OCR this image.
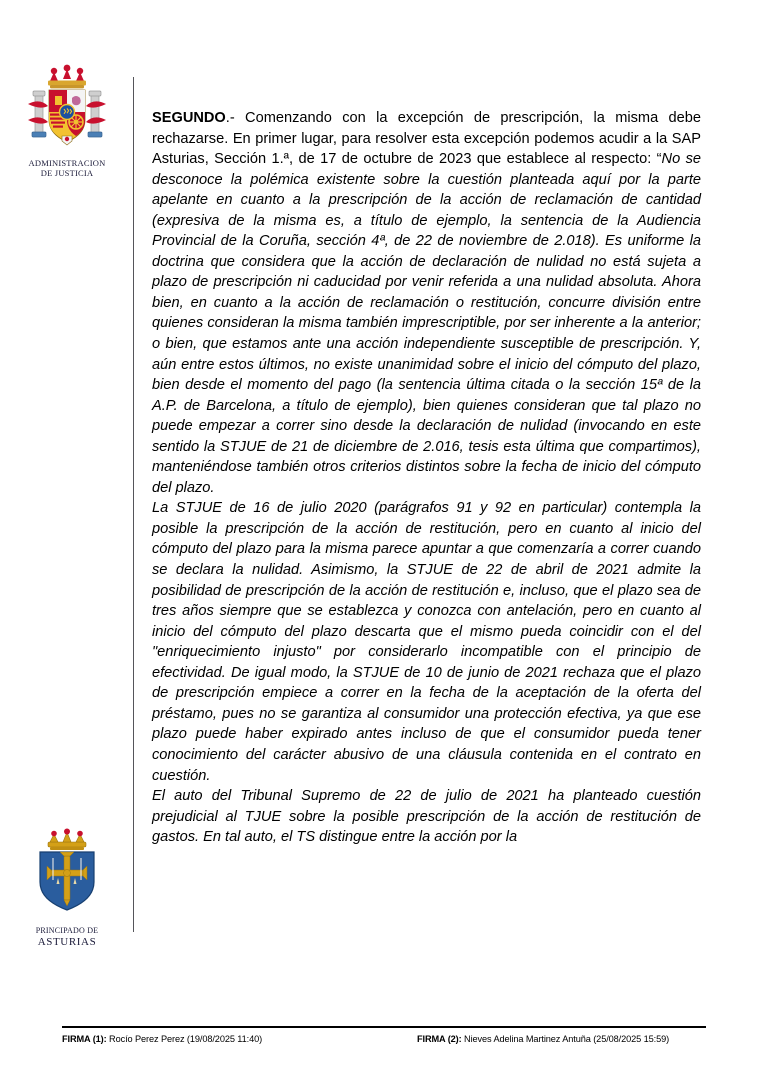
ADMINISTRACION
DE JUSTICIA
PRINCIPADO DE
ASTURIAS

SEGUNDO.- Comenzando con la excepción de prescripción, la misma debe rechazarse. En primer lugar, para resolver esta excepción podemos acudir a la SAP Asturias, Sección 1.ª, de 17 de octubre de 2023 que establece al respecto: “No se desconoce la polémica existente sobre la cuestión planteada aquí por la parte apelante en cuanto a la prescripción de la acción de reclamación de cantidad (expresiva de la misma es, a título de ejemplo, la sentencia de la Audiencia Provincial de la Coruña, sección 4ª, de 22 de noviembre de 2.018). Es uniforme la doctrina que considera que la acción de declaración de nulidad no está sujeta a plazo de prescripción ni caducidad por venir referida a una nulidad absoluta. Ahora bien, en cuanto a la acción de reclamación o restitución, concurre división entre quienes consideran la misma también imprescriptible, por ser inherente a la anterior; o bien, que estamos ante una acción independiente susceptible de prescripción. Y, aún entre estos últimos, no existe unanimidad sobre el inicio del cómputo del plazo, bien desde el momento del pago (la sentencia última citada o la sección 15ª de la A.P. de Barcelona, a título de ejemplo), bien quienes consideran que tal plazo no puede empezar a correr sino desde la declaración de nulidad (invocando en este sentido la STJUE de 21 de diciembre de 2.016, tesis esta última que compartimos), manteniéndose también otros criterios distintos sobre la fecha de inicio del cómputo del plazo.

La STJUE de 16 de julio 2020 (parágrafos 91 y 92 en particular) contempla la posible la prescripción de la acción de restitución, pero en cuanto al inicio del cómputo del plazo para la misma parece apuntar a que comenzaría a correr cuando se declara la nulidad. Asimismo, la STJUE de 22 de abril de 2021 admite la posibilidad de prescripción de la acción de restitución e, incluso, que el plazo sea de tres años siempre que se establezca y conozca con antelación, pero en cuanto al inicio del cómputo del plazo descarta que el mismo pueda coincidir con el del "enriquecimiento injusto" por considerarlo incompatible con el principio de efectividad. De igual modo, la STJUE de 10 de junio de 2021 rechaza que el plazo de prescripción empiece a correr en la fecha de la aceptación de la oferta del préstamo, pues no se garantiza al consumidor una protección efectiva, ya que ese plazo puede haber expirado antes incluso de que el consumidor pueda tener conocimiento del carácter abusivo de una cláusula contenida en el contrato en cuestión.

El auto del Tribunal Supremo de 22 de julio de 2021 ha planteado cuestión prejudicial al TJUE sobre la posible prescripción de la acción de restitución de gastos. En tal auto, el TS distingue entre la acción por la

FIRMA (1): Rocío Perez Perez (19/08/2025 11:40)	FIRMA (2): Nieves Adelina Martinez Antuña (25/08/2025 15:59)
